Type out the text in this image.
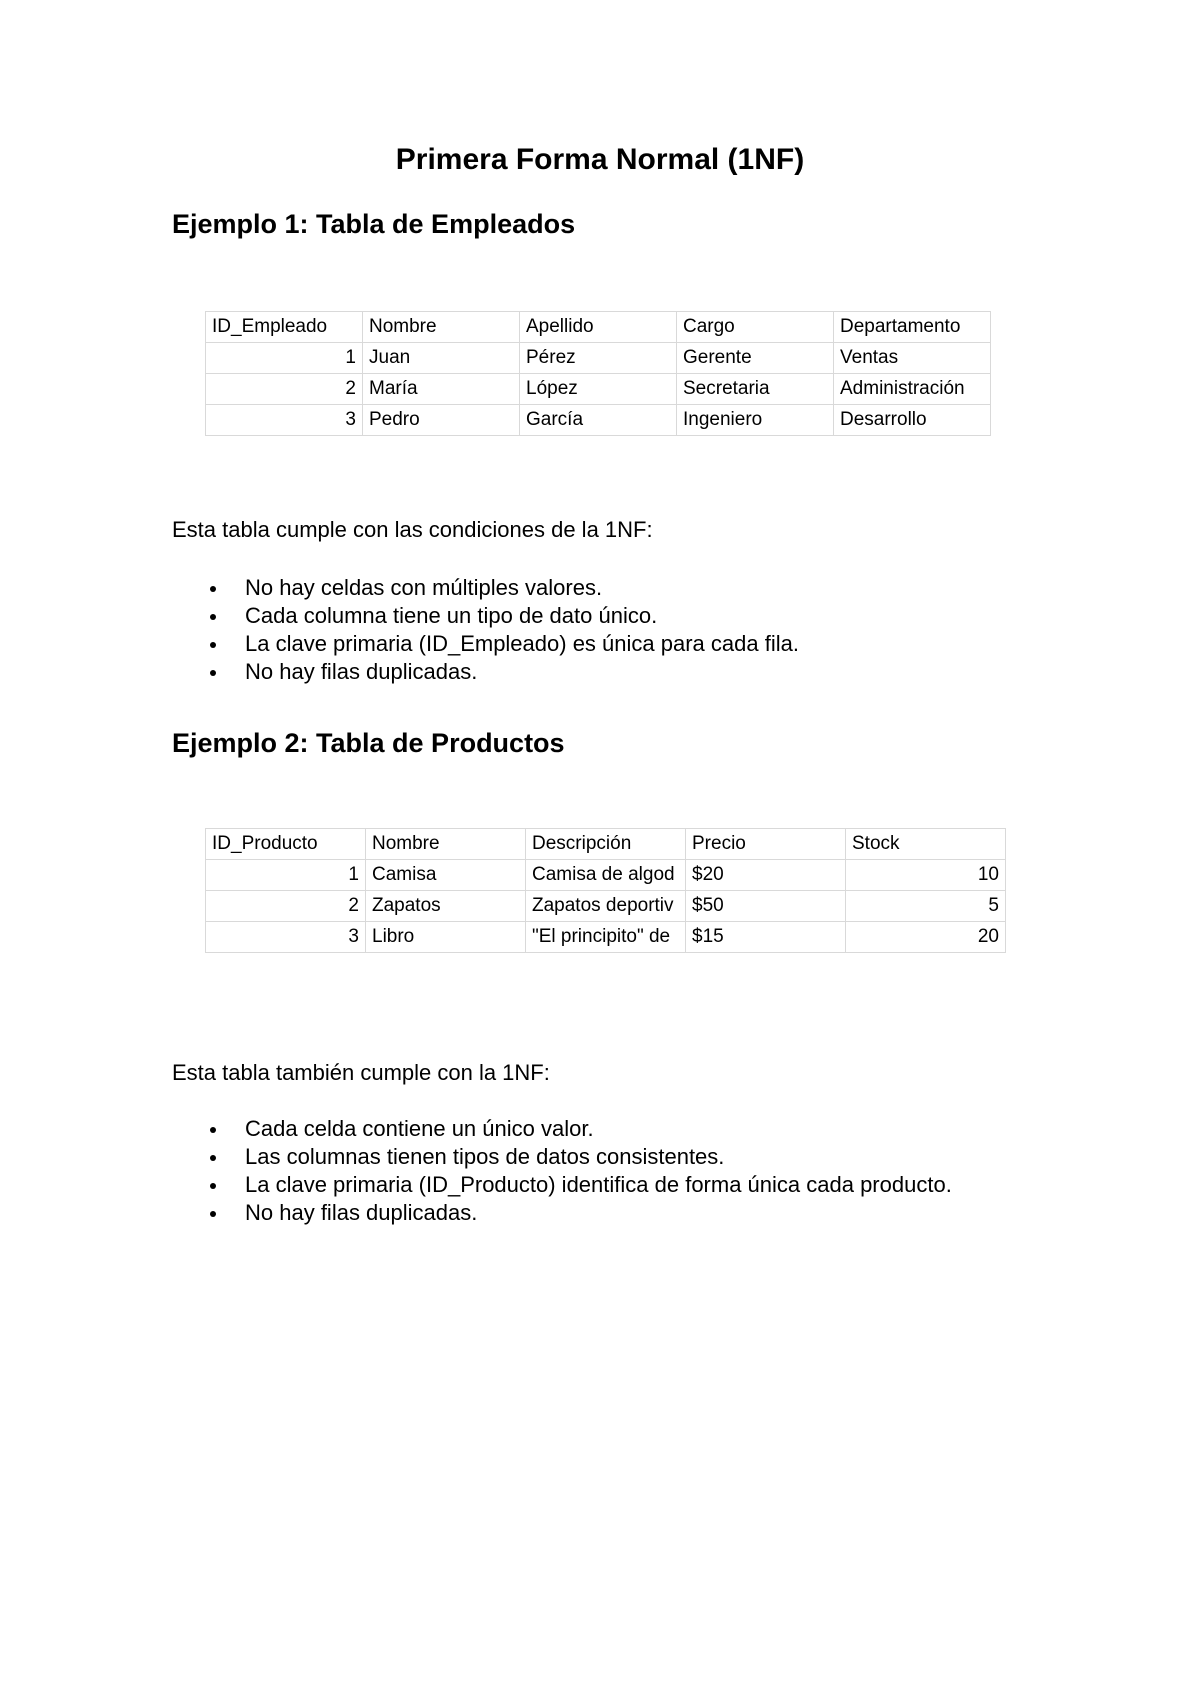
Primera Forma Normal (1NF)
Ejemplo 1: Tabla de Empleados
ID_Empleado	Nombre	Apellido	Cargo	Departamento
1	Juan	Pérez	Gerente	Ventas
2	María	López	Secretaria	Administración
3	Pedro	García	Ingeniero	Desarrollo

Esta tabla cumple con las condiciones de la 1NF:

No hay celdas con múltiples valores.
Cada columna tiene un tipo de dato único.
La clave primaria (ID_Empleado) es única para cada fila.
No hay filas duplicadas.
Ejemplo 2: Tabla de Productos
ID_Producto	Nombre	Descripción	Precio	Stock
1	Camisa	Camisa de algod	$20	10
2	Zapatos	Zapatos deportiv	$50	5
3	Libro	"El principito" de	$15	20

Esta tabla también cumple con la 1NF:

Cada celda contiene un único valor.
Las columnas tienen tipos de datos consistentes.
La clave primaria (ID_Producto) identifica de forma única cada producto.
No hay filas duplicadas.
